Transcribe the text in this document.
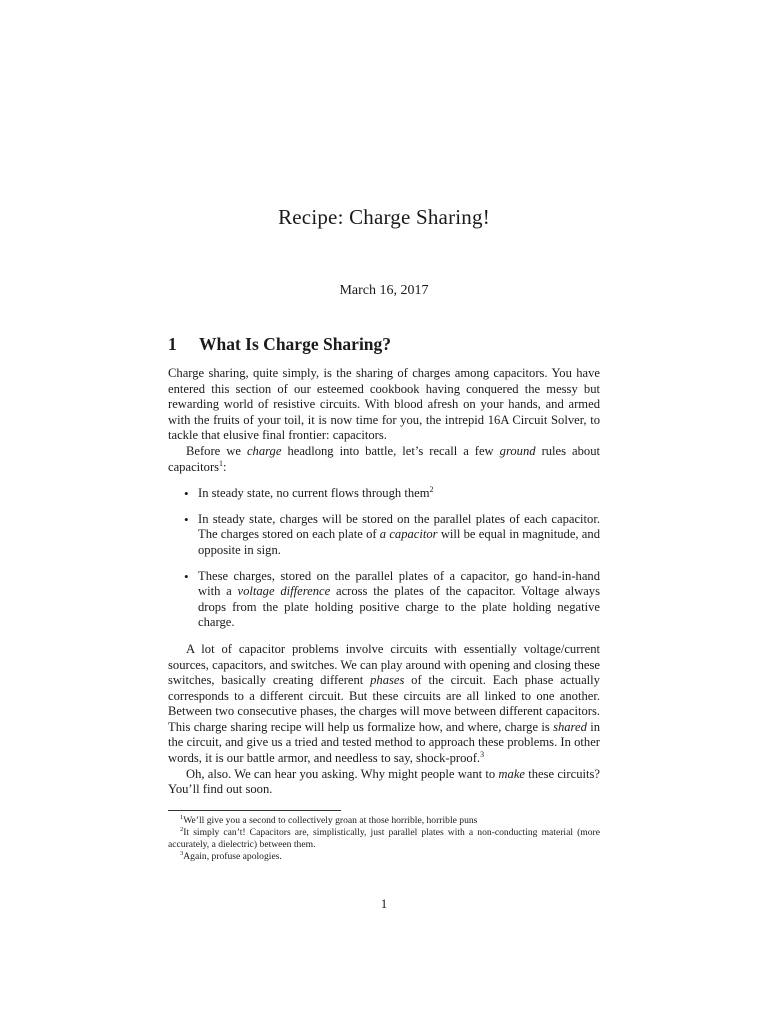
Recipe: Charge Sharing!
March 16, 2017
1 What Is Charge Sharing?

Charge sharing, quite simply, is the sharing of charges among capacitors. You have entered this section of our esteemed cookbook having conquered the messy but rewarding world of resistive circuits. With blood afresh on your hands, and armed with the fruits of your toil, it is now time for you, the intrepid 16A Circuit Solver, to tackle that elusive final frontier: capacitors.

Before we charge headlong into battle, let’s recall a few ground rules about capacitors$^1$:

• In steady state, no current flows through them$^2$
• In steady state, charges will be stored on the parallel plates of each capacitor. The charges stored on each plate of a capacitor will be equal in magnitude, and opposite in sign.
• These charges, stored on the parallel plates of a capacitor, go hand-in-hand with a voltage difference across the plates of the capacitor. Voltage always drops from the plate holding positive charge to the plate holding negative charge.

A lot of capacitor problems involve circuits with essentially voltage/current sources, capacitors, and switches. We can play around with opening and closing these switches, basically creating different phases of the circuit. Each phase actually corresponds to a different circuit. But these circuits are all linked to one another. Between two consecutive phases, the charges will move between different capacitors. This charge sharing recipe will help us formalize how, and where, charge is shared in the circuit, and give us a tried and tested method to approach these problems. In other words, it is our battle armor, and needless to say, shock-proof.$^3$

Oh, also. We can hear you asking. Why might people want to make these circuits? You’ll find out soon.

$^1$We’ll give you a second to collectively groan at those horrible, horrible puns

$^2$It simply can’t! Capacitors are, simplistically, just parallel plates with a non-conducting material (more accurately, a dielectric) between them.

$^3$Again, profuse apologies.

1
